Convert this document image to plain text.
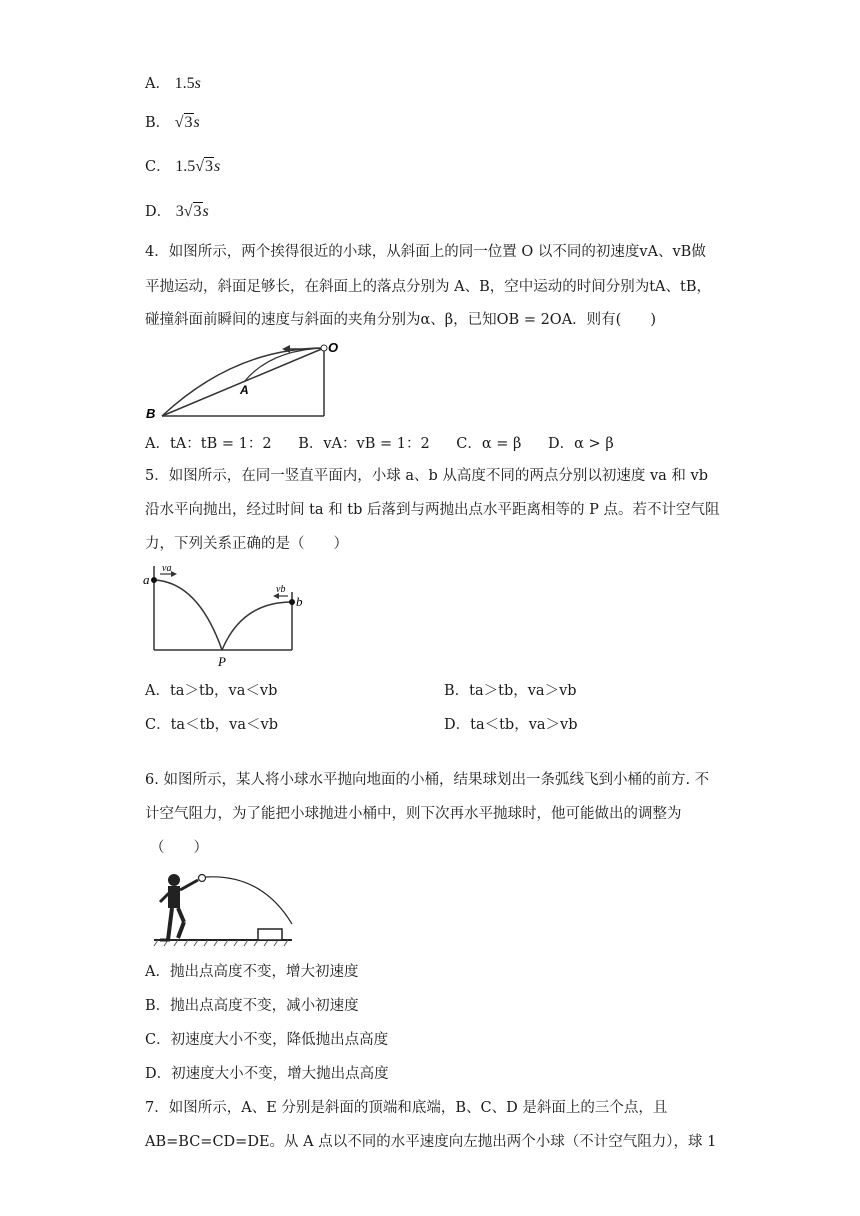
A． 1.5s
B． √3s
C． 1.5√3s
D． 3√3s
4．如图所示，两个挨得很近的小球，从斜面上的同一位置 O 以不同的初速度vA、vB做
平抛运动，斜面足够长，在斜面上的落点分别为 A、B，空中运动的时间分别为tA、tB，
碰撞斜面前瞬间的速度与斜面的夹角分别为α、β，已知OB = 2OA．则有(　　)
O
A
B
A．tA：tB = 1：2 B．vA：vB = 1：2 C．α = β D．α > β
5．如图所示，在同一竖直平面内，小球 a、b 从高度不同的两点分别以初速度 va 和 vb
沿水平向抛出，经过时间 ta 和 tb 后落到与两抛出点水平距离相等的 P 点。若不计空气阻
力，下列关系正确的是（　　）
a
va
b
vb
P
A．ta＞tb，va＜vb	B．ta＞tb，va＞vb
C．ta＜tb，va＜vb	D．ta＜tb，va＞vb
6. 如图所示，某人将小球水平抛向地面的小桶，结果球划出一条弧线飞到小桶的前方. 不
计空气阻力，为了能把小球抛进小桶中，则下次再水平抛球时，他可能做出的调整为
（　　）
A．抛出点高度不变，增大初速度
B．抛出点高度不变，减小初速度
C．初速度大小不变，降低抛出点高度
D．初速度大小不变，增大抛出点高度
7．如图所示，A、E 分别是斜面的顶端和底端，B、C、D 是斜面上的三个点，且
AB=BC=CD=DE。从 A 点以不同的水平速度向左抛出两个小球（不计空气阻力），球 1
